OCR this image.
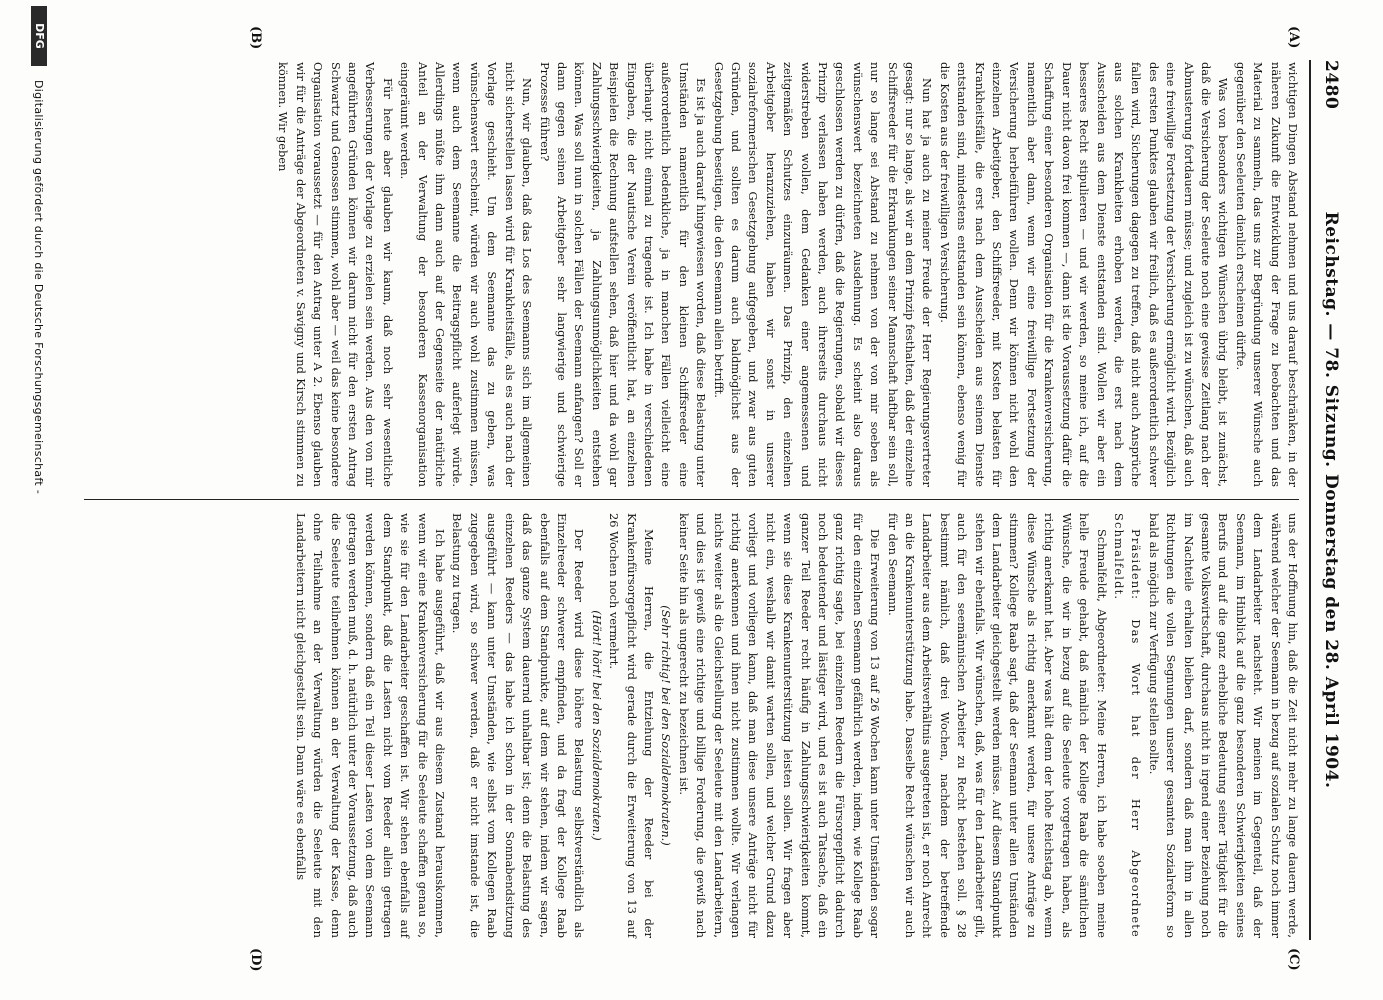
2480
Reichstag. — 78. Sitzung. Donnerstag den 28. April 1904.
(A)
(B)
(C)
(D)

wichtigen Dingen Abstand nehmen und uns darauf beschränken, in der näheren Zukunft die Entwicklung der Frage zu beobachten und das Material zu sammeln, das uns zur Begründung unserer Wünsche auch gegenüber den Seeleuten dienlich erscheinen dürfte.

Was von besonders wichtigen Wünschen übrig bleibt, ist zunächst, daß die Versicherung der Seeleute noch eine gewisse Zeitlang nach der Abmusterung fortdauern müsse; und zugleich ist zu wünschen, daß auch eine freiwillige Fortsetzung der Versicherung ermöglicht wird. Bezüglich des ersten Punktes glauben wir freilich, daß es außerordentlich schwer fallen wird, Sicherungen dagegen zu treffen, daß nicht auch Ansprüche aus solchen Krankheiten erhoben werden, die erst nach dem Ausscheiden aus dem Dienste entstanden sind. Wollen wir aber ein besseres Recht stipulieren — und wir werden, so meine ich, auf die Dauer nicht davon frei kommen —, dann ist die Voraussetzung dafür die Schaffung einer besonderen Organisation für die Krankenversicherung, namentlich aber dann, wenn wir eine freiwillige Fortsetzung der Versicherung herbeiführen wollen. Denn wir können nicht wohl den einzelnen Arbeitgeber, den Schiffsreeder, mit Kosten belasten für Krankheitsfälle, die erst nach dem Ausscheiden aus seinem Dienste entstanden sind, mindestens entstanden sein können, ebenso wenig für die Kosten aus der freiwilligen Versicherung.

Nun hat ja auch zu meiner Freude der Herr Regierungsvertreter gesagt: nur so lange, als wir an dem Prinzip festhalten, daß der einzelne Schiffsreeder für die Erkrankungen seiner Mannschaft haftbar sein soll, nur so lange sei Abstand zu nehmen von der von mir soeben als wünschenswert bezeichneten Ausdehnung. Es scheint also daraus geschlossen werden zu dürfen, daß die Regierungen, sobald wir dieses Prinzip verlassen haben werden, auch ihrerseits durchaus nicht widerstreben wollen, dem Gedanken einer angemessenen und zeitgemäßen Schutzes einzuräumen. Das Prinzip, den einzelnen Arbeitgeber heranzuziehen, haben wir sonst in unserer sozialreformerischen Gesetzgebung aufgegeben, und zwar aus guten Gründen, und sollten es darum auch baldmöglichst aus der Gesetzgebung beseitigen, die den Seemann allein betrifft.

Es ist ja auch darauf hingewiesen worden, daß diese Belastung unter Umständen namentlich für den kleinen Schiffsreeder eine außerordentlich bedenkliche, ja in manchen Fällen vielleicht eine überhaupt nicht einmal zu tragende ist. Ich habe in verschiedenen Eingaben, die der Nautische Verein veröffentlicht hat, an einzelnen Beispielen die Rechnung aufstellen sehen, daß hier und da wohl gar Zahlungsschwierigkeiten, ja Zahlungsunmöglichkeiten entstehen können. Was soll nun in solchen Fällen der Seemann anfangen? Soll er dann gegen seinen Arbeitgeber sehr langwierige und schwierige Prozesse führen?

Nun, wir glauben, daß das Los des Seemanns sich im allgemeinen nicht sicherstellen lassen wird für Krankheitsfälle, als es auch nach der Vorlage geschieht. Um dem Seemanne das zu geben, was wünschenswert erscheint, würden wir auch wohl zustimmen müssen, wenn auch dem Seemanne die Beitragspflicht auferlegt würde. Allerdings müßte ihm dann auch auf der Gegenseite der natürliche Anteil an der Verwaltung der besonderen Kassenorganisation eingeräumt werden.

Für heute aber glauben wir kaum, daß noch sehr wesentliche Verbesserungen der Vorlage zu erzielen sein werden. Aus den von mir angeführten Gründen können wir darum nicht für den ersten Antrag Schwartz und Genossen stimmen, wohl aber — weil das keine besondere Organisation voraussetzt — für den Antrag unter A 2. Ebenso glauben wir für die Anträge der Abgeordneten v. Savigny und Kirsch stimmen zu können. Wir geben

uns der Hoffnung hin, daß die Zeit nicht mehr zu lange dauern werde, während welcher der Seemann in bezug auf sozialen Schutz noch immer dem Landarbeiter nachsteht. Wir meinen im Gegenteil, daß der Seemann, im Hinblick auf die ganz besonderen Schwierigkeiten seines Berufs und auf die ganz erhebliche Bedeutung seiner Tätigkeit für die gesamte Volkswirtschaft, durchaus nicht in irgend einer Beziehung noch im Nachteile erhalten bleiben darf, sondern daß man ihm in allen Richtungen die vollen Segnungen unserer gesamten Sozialreform so bald als möglich zur Verfügung stellen sollte.

Präsident: Das Wort hat der Herr Abgeordnete Schmalfeldt.

Schmalfeldt, Abgeordneter: Meine Herren, ich habe soeben meine helle Freude gehabt, daß nämlich der Kollege Raab die sämtlichen Wünsche, die wir in bezug auf die Seeleute vorgetragen haben, als richtig anerkannt hat. Aber was hält denn der hohe Reichstag ab, wenn diese Wünsche als richtig anerkannt werden, für unsere Anträge zu stimmen? Kollege Raab sagt, daß der Seemann unter allen Umständen dem Landarbeiter gleichgestellt werden müsse. Auf diesem Standpunkt stehen wir ebenfalls. Wir wünschen, daß, was für den Landarbeiter gilt, auch für den seemännischen Arbeiter zu Recht bestehen soll. § 28 bestimmt nämlich, daß drei Wochen, nachdem der betreffende Landarbeiter aus dem Arbeitsverhältnis ausgetreten ist, er noch Anrecht an die Krankenunterstützung habe. Dasselbe Recht wünschen wir auch für den Seemann.

Die Erweiterung von 13 auf 26 Wochen kann unter Umständen sogar für den einzelnen Seemann gefährlich werden, indem, wie Kollege Raab ganz richtig sagte, bei einzelnen Reedern die Fürsorgepflicht dadurch noch bedeutender und lästiger wird, und es ist auch Tatsache, daß ein ganzer Teil Reeder recht häufig in Zahlungsschwierigkeiten kommt, wenn sie diese Krankenunterstützung leisten sollen. Wir fragen aber nicht ein, weshalb wir damit warten sollen, und welcher Grund dazu vorliegt und vorliegen kann, daß man diese unsere Anträge nicht für richtig anerkennen und ihnen nicht zustimmen wollte. Wir verlangen nichts weiter als die Gleichstellung der Seeleute mit den Landarbeitern, und dies ist gewiß eine richtige und billige Forderung, die gewiß nach keiner Seite hin als ungerecht zu bezeichnen ist.

(Sehr richtig! bei den Sozialdemokraten.)

Meine Herren, die Entziehung der Reeder bei der Krankenfürsorgepflicht wird gerade durch die Erweiterung von 13 auf 26 Wochen noch vermehrt.

(Hört! hört! bei den Sozialdemokraten.)

Der Reeder wird diese höhere Belastung selbstverständlich als Einzelreeder schwerer empfinden, und da fragt der Kollege Raab ebenfalls auf dem Standpunkte, auf dem wir stehen, indem wir sagen, daß das ganze System dauernd unhaltbar ist; denn die Belastung des einzelnen Reeders — das habe ich schon in der Sonnabendsitzung ausgeführt — kann unter Umständen, wie selbst vom Kollegen Raab zugegeben wird, so schwer werden, daß er nicht imstande ist, die Belastung zu tragen.

Ich habe ausgeführt, daß wir aus diesem Zustand herauskommen, wenn wir eine Krankenversicherung für die Seeleute schaffen genau so, wie sie für den Landarbeiter geschaffen ist. Wir stehen ebenfalls auf dem Standpunkt, daß die Lasten nicht vom Reeder allein getragen werden können, sondern daß ein Teil dieser Lasten von dem Seemann getragen werden muß, d. h. natürlich unter der Voraussetzung, daß auch die Seeleute teilnehmen können an der Verwaltung der Kasse, denn ohne Teilnahme an der Verwaltung würden die Seeleute mit den Landarbeitern nicht gleichgestellt sein. Dann wäre es ebenfalls

DFG
Digitalisierung gefördert durch die Deutsche Forschungsgemeinschaft -
